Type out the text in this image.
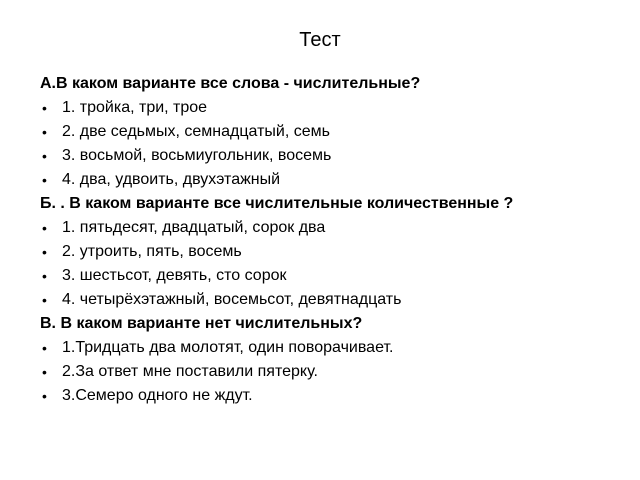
Тест
А.В каком варианте все слова - числительные?
• 1. тройка, три, трое
• 2. две седьмых, семнадцатый, семь
• 3. восьмой, восьмиугольник, восемь
• 4. два, удвоить, двухэтажный
Б. . В каком варианте все числительные количественные ?
• 1. пятьдесят, двадцатый, сорок два
• 2. утроить, пять, восемь
• 3. шестьсот, девять, сто сорок
• 4. четырёхэтажный, восемьсот, девятнадцать
В. В каком варианте нет числительных?
• 1.Тридцать два молотят, один поворачивает.
• 2.За ответ мне поставили пятерку.
• 3.Семеро одного не ждут.
